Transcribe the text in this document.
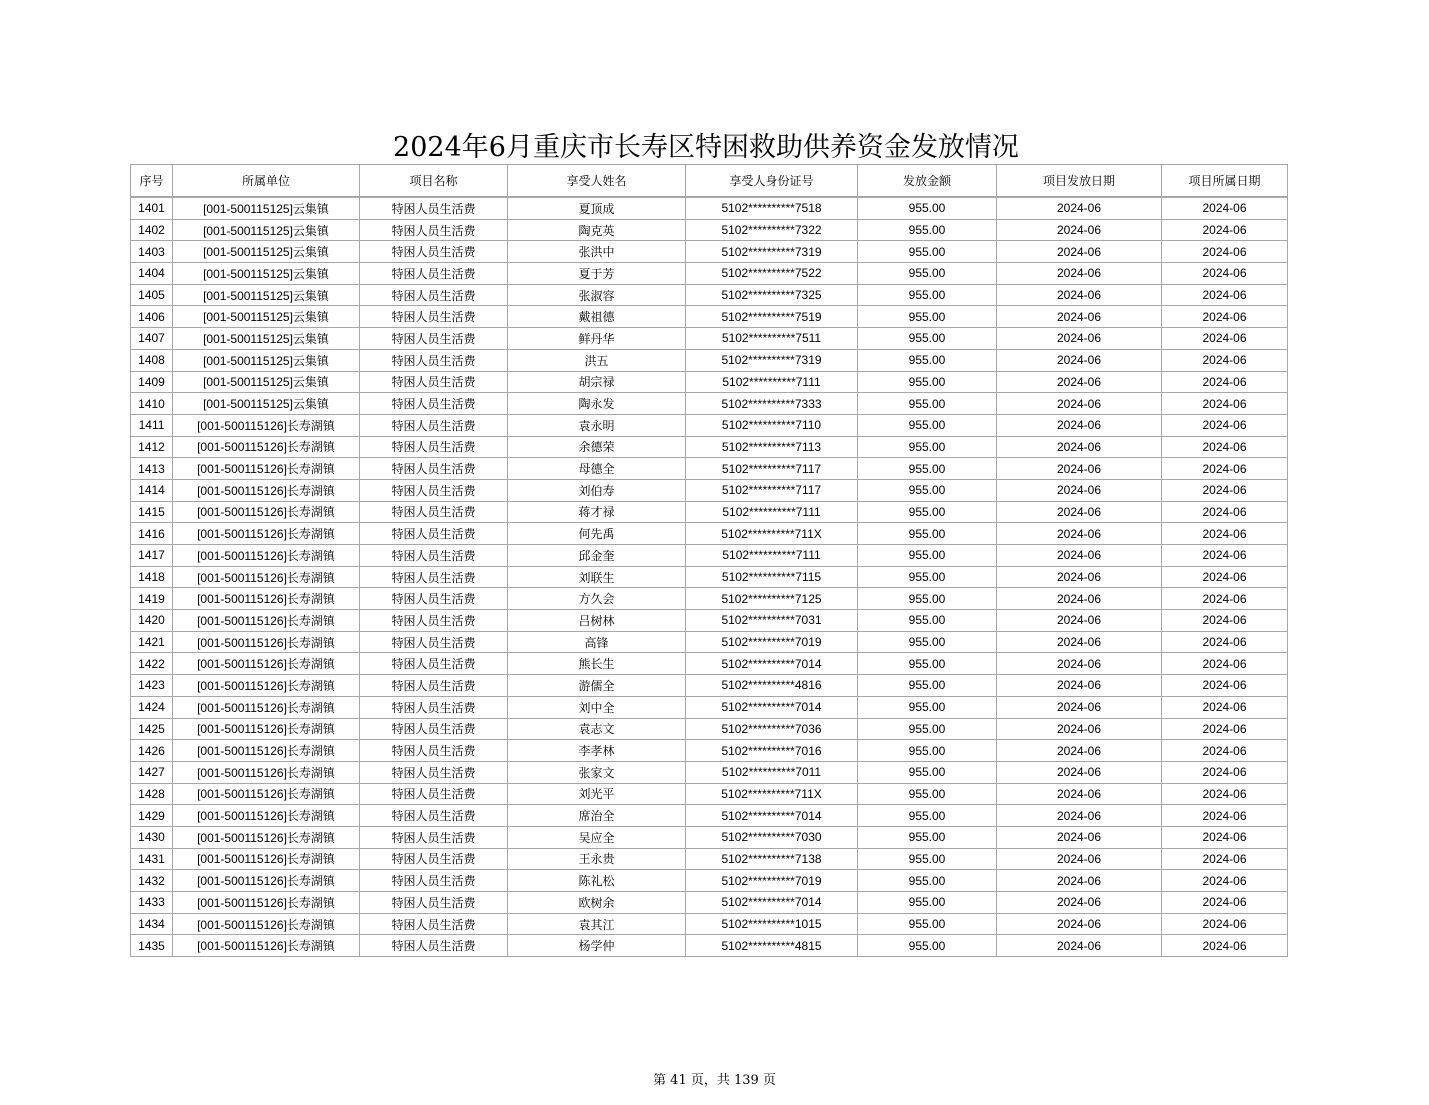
2024年6月重庆市长寿区特困救助供养资金发放情况
序号	所属单位	项目名称	享受人姓名	享受人身份证号	发放金额	项目发放日期	项目所属日期
1401	[001-500115125]云集镇	特困人员生活费	夏顶成	5102**********7518	955.00	2024-06	2024-06
1402	[001-500115125]云集镇	特困人员生活费	陶克英	5102**********7322	955.00	2024-06	2024-06
1403	[001-500115125]云集镇	特困人员生活费	张洪中	5102**********7319	955.00	2024-06	2024-06
1404	[001-500115125]云集镇	特困人员生活费	夏于芳	5102**********7522	955.00	2024-06	2024-06
1405	[001-500115125]云集镇	特困人员生活费	张淑容	5102**********7325	955.00	2024-06	2024-06
1406	[001-500115125]云集镇	特困人员生活费	戴祖德	5102**********7519	955.00	2024-06	2024-06
1407	[001-500115125]云集镇	特困人员生活费	鲜丹华	5102**********7511	955.00	2024-06	2024-06
1408	[001-500115125]云集镇	特困人员生活费	洪五	5102**********7319	955.00	2024-06	2024-06
1409	[001-500115125]云集镇	特困人员生活费	胡宗禄	5102**********7111	955.00	2024-06	2024-06
1410	[001-500115125]云集镇	特困人员生活费	陶永发	5102**********7333	955.00	2024-06	2024-06
1411	[001-500115126]长寿湖镇	特困人员生活费	袁永明	5102**********7110	955.00	2024-06	2024-06
1412	[001-500115126]长寿湖镇	特困人员生活费	余德荣	5102**********7113	955.00	2024-06	2024-06
1413	[001-500115126]长寿湖镇	特困人员生活费	母德全	5102**********7117	955.00	2024-06	2024-06
1414	[001-500115126]长寿湖镇	特困人员生活费	刘伯寿	5102**********7117	955.00	2024-06	2024-06
1415	[001-500115126]长寿湖镇	特困人员生活费	蒋才禄	5102**********7111	955.00	2024-06	2024-06
1416	[001-500115126]长寿湖镇	特困人员生活费	何先禹	5102**********711X	955.00	2024-06	2024-06
1417	[001-500115126]长寿湖镇	特困人员生活费	邱金奎	5102**********7111	955.00	2024-06	2024-06
1418	[001-500115126]长寿湖镇	特困人员生活费	刘联生	5102**********7115	955.00	2024-06	2024-06
1419	[001-500115126]长寿湖镇	特困人员生活费	方久会	5102**********7125	955.00	2024-06	2024-06
1420	[001-500115126]长寿湖镇	特困人员生活费	吕树林	5102**********7031	955.00	2024-06	2024-06
1421	[001-500115126]长寿湖镇	特困人员生活费	高锋	5102**********7019	955.00	2024-06	2024-06
1422	[001-500115126]长寿湖镇	特困人员生活费	熊长生	5102**********7014	955.00	2024-06	2024-06
1423	[001-500115126]长寿湖镇	特困人员生活费	游儒全	5102**********4816	955.00	2024-06	2024-06
1424	[001-500115126]长寿湖镇	特困人员生活费	刘中全	5102**********7014	955.00	2024-06	2024-06
1425	[001-500115126]长寿湖镇	特困人员生活费	袁志文	5102**********7036	955.00	2024-06	2024-06
1426	[001-500115126]长寿湖镇	特困人员生活费	李孝林	5102**********7016	955.00	2024-06	2024-06
1427	[001-500115126]长寿湖镇	特困人员生活费	张家文	5102**********7011	955.00	2024-06	2024-06
1428	[001-500115126]长寿湖镇	特困人员生活费	刘光平	5102**********711X	955.00	2024-06	2024-06
1429	[001-500115126]长寿湖镇	特困人员生活费	席治全	5102**********7014	955.00	2024-06	2024-06
1430	[001-500115126]长寿湖镇	特困人员生活费	吴应全	5102**********7030	955.00	2024-06	2024-06
1431	[001-500115126]长寿湖镇	特困人员生活费	王永贵	5102**********7138	955.00	2024-06	2024-06
1432	[001-500115126]长寿湖镇	特困人员生活费	陈礼松	5102**********7019	955.00	2024-06	2024-06
1433	[001-500115126]长寿湖镇	特困人员生活费	欧树余	5102**********7014	955.00	2024-06	2024-06
1434	[001-500115126]长寿湖镇	特困人员生活费	袁其江	5102**********1015	955.00	2024-06	2024-06
1435	[001-500115126]长寿湖镇	特困人员生活费	杨学仲	5102**********4815	955.00	2024-06	2024-06
第 41 页，共 139 页
